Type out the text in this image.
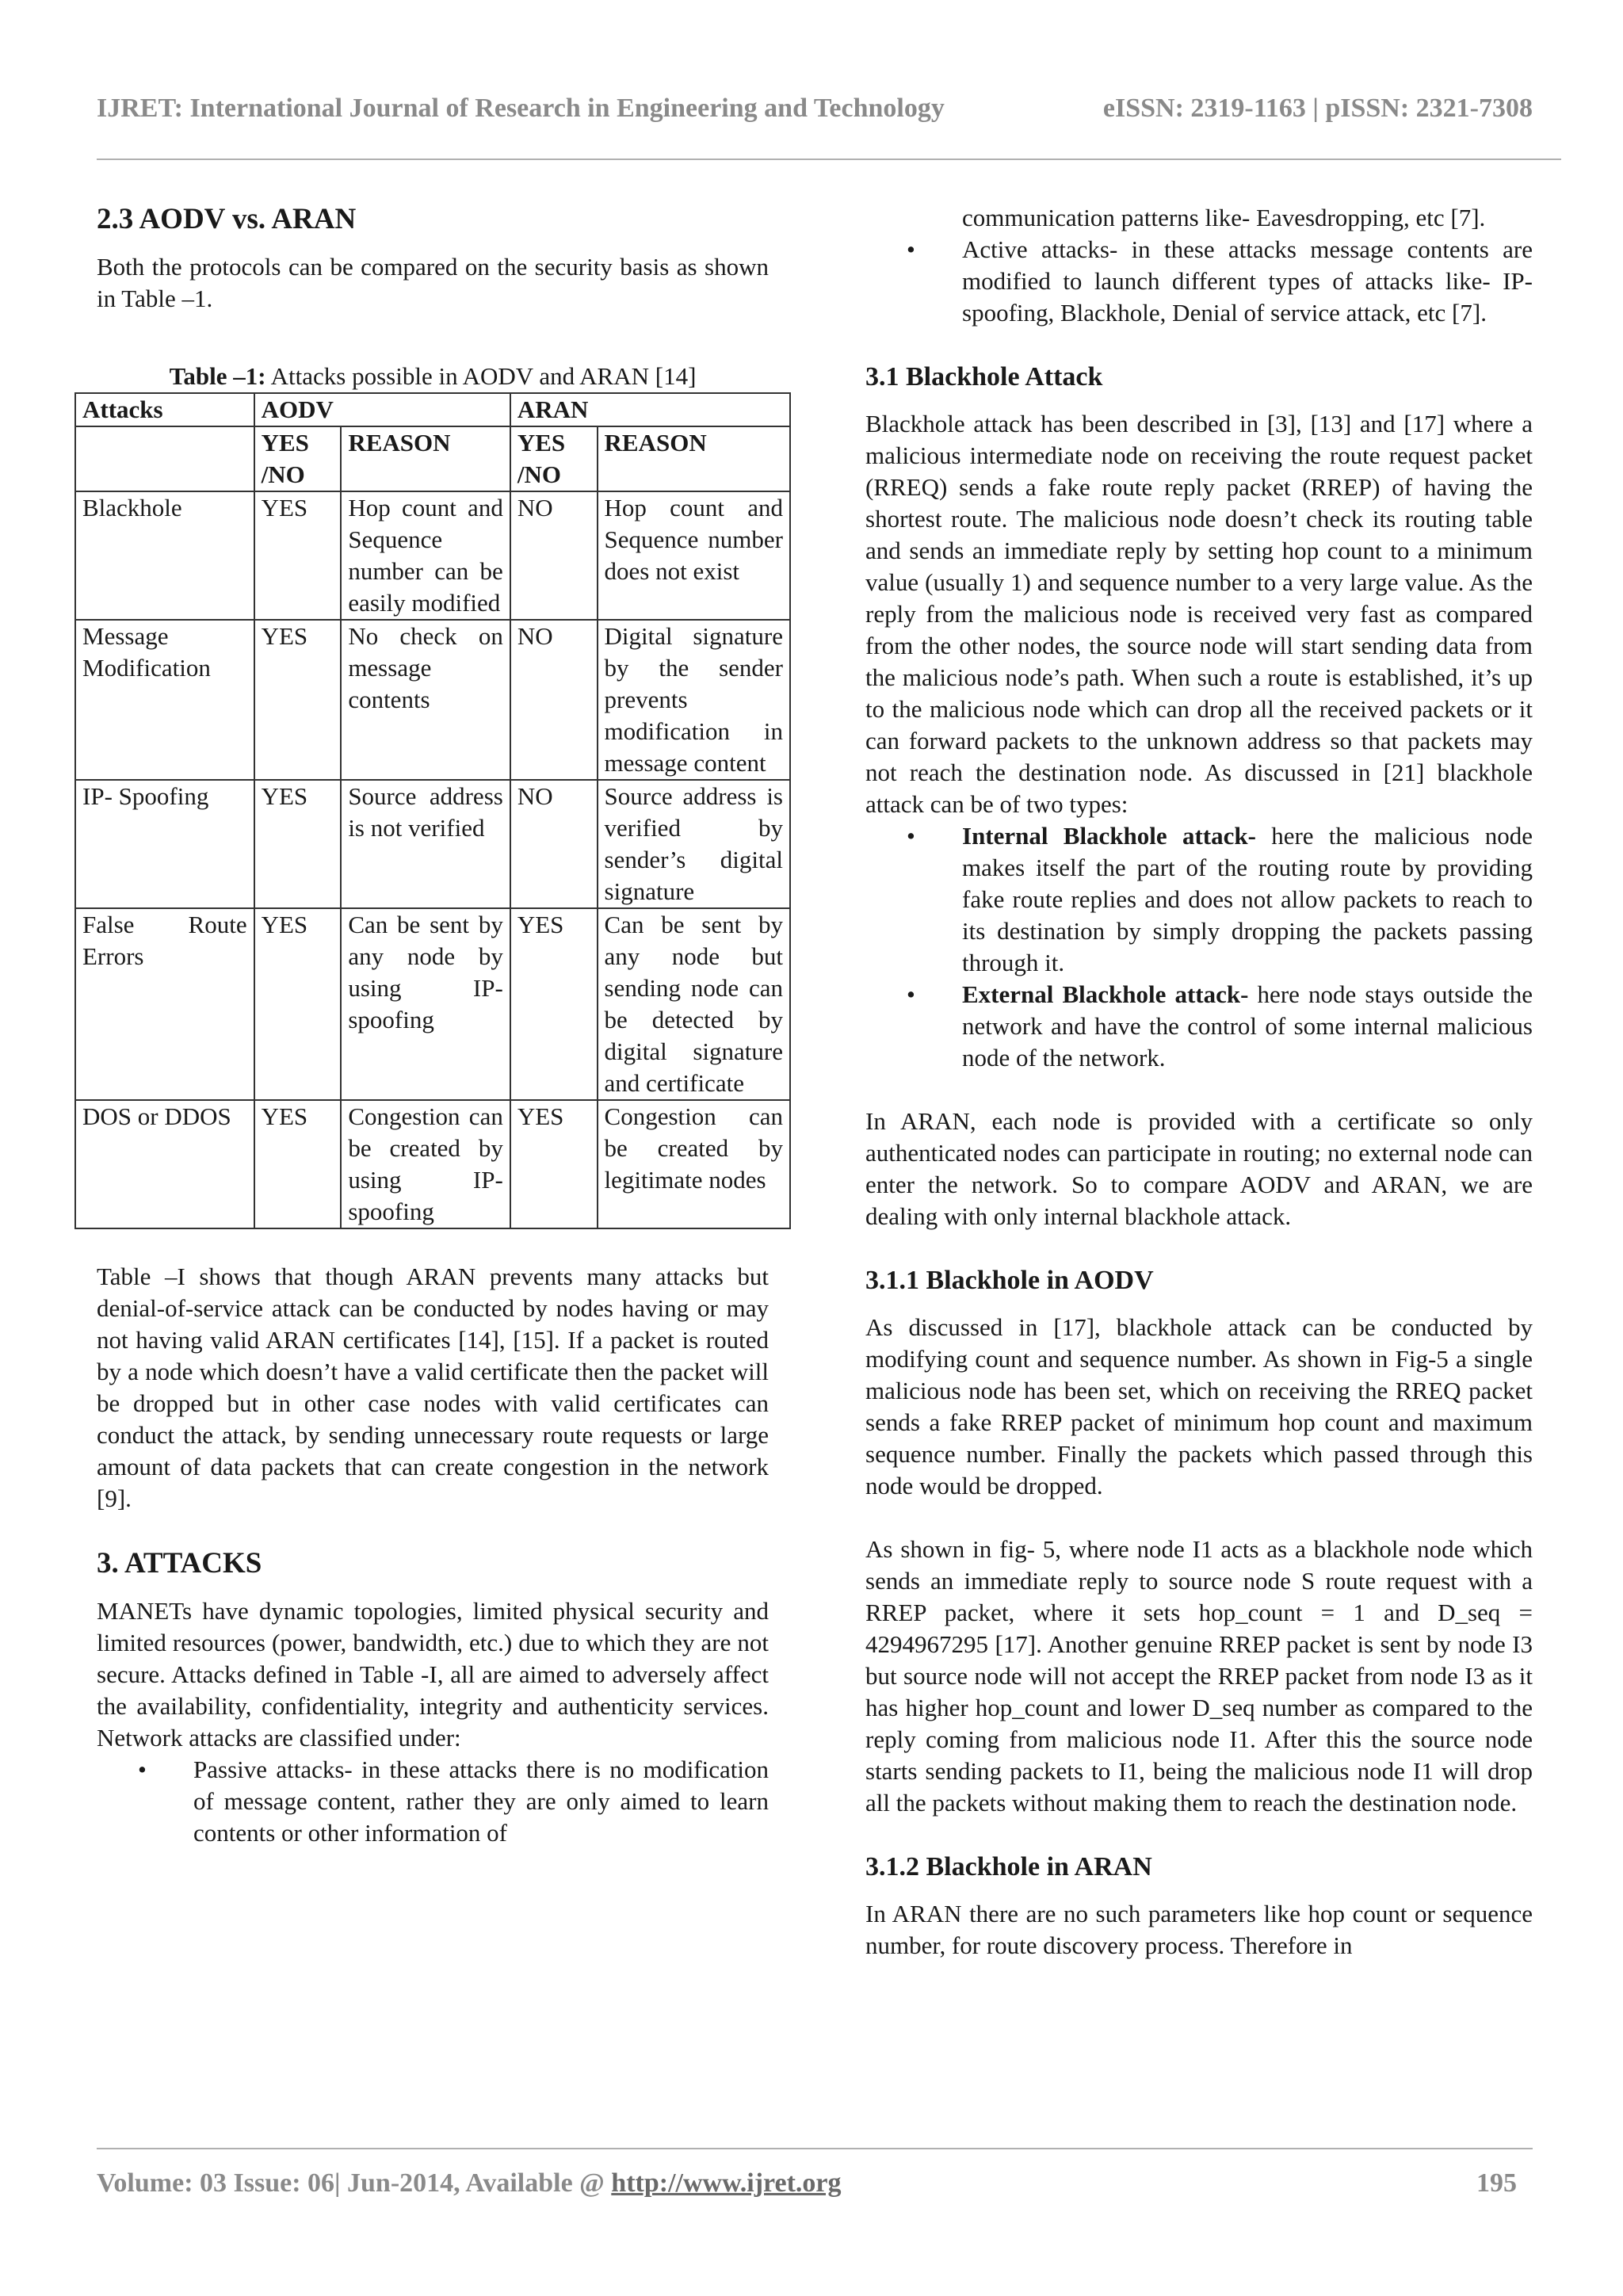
IJRET: International Journal of Research in Engineering and Technology	eISSN: 2319-1163 | pISSN: 2321-7308
2.3 AODV vs. ARAN

Both the protocols can be compared on the security basis as shown in Table –1.

Table –1: Attacks possible in AODV and ARAN [14]
Attacks	AODV		ARAN	
	YES /NO	REASON	YES /NO	REASON
Blackhole	YES	Hop count and Sequence number can be easily modified	NO	Hop count and Sequence number does not exist
Message Modification	YES	No check on message contents	NO	Digital signature by the sender prevents modification in message content
IP- Spoofing	YES	Source address is not verified	NO	Source address is verified by sender’s digital signature
False Route Errors	YES	Can be sent by any node by using IP-spoofing	YES	Can be sent by any node but sending node can be detected by digital signature and certificate
DOS or DDOS	YES	Congestion can be created by using IP-spoofing	YES	Congestion can be created by legitimate nodes

Table –I shows that though ARAN prevents many attacks but denial-of-service attack can be conducted by nodes having or may not having valid ARAN certificates [14], [15]. If a packet is routed by a node which doesn’t have a valid certificate then the packet will be dropped but in other case nodes with valid certificates can conduct the attack, by sending unnecessary route requests or large amount of data packets that can create congestion in the network [9].

3. ATTACKS

MANETs have dynamic topologies, limited physical security and limited resources (power, bandwidth, etc.) due to which they are not secure. Attacks defined in Table -I, all are aimed to adversely affect the availability, confidentiality, integrity and authenticity services. Network attacks are classified under:

• Passive attacks- in these attacks there is no modification of message content, rather they are only aimed to learn contents or other information of
communication patterns like- Eavesdropping, etc [7].
• Active attacks- in these attacks message contents are modified to launch different types of attacks like- IP-spoofing, Blackhole, Denial of service attack, etc [7].
3.1 Blackhole Attack

Blackhole attack has been described in [3], [13] and [17] where a malicious intermediate node on receiving the route request packet (RREQ) sends a fake route reply packet (RREP) of having the shortest route. The malicious node doesn’t check its routing table and sends an immediate reply by setting hop count to a minimum value (usually 1) and sequence number to a very large value. As the reply from the malicious node is received very fast as compared from the other nodes, the source node will start sending data from the malicious node’s path. When such a route is established, it’s up to the malicious node which can drop all the received packets or it can forward packets to the unknown address so that packets may not reach the destination node. As discussed in [21] blackhole attack can be of two types:

• Internal Blackhole attack- here the malicious node makes itself the part of the routing route by providing fake route replies and does not allow packets to reach to its destination by simply dropping the packets passing through it.
• External Blackhole attack- here node stays outside the network and have the control of some internal malicious node of the network.

In ARAN, each node is provided with a certificate so only authenticated nodes can participate in routing; no external node can enter the network. So to compare AODV and ARAN, we are dealing with only internal blackhole attack.

3.1.1 Blackhole in AODV

As discussed in [17], blackhole attack can be conducted by modifying count and sequence number. As shown in Fig-5 a single malicious node has been set, which on receiving the RREQ packet sends a fake RREP packet of minimum hop count and maximum sequence number. Finally the packets which passed through this node would be dropped.

As shown in fig- 5, where node I1 acts as a blackhole node which sends an immediate reply to source node S route request with a RREP packet, where it sets hop_count = 1 and D_seq = 4294967295 [17]. Another genuine RREP packet is sent by node I3 but source node will not accept the RREP packet from node I3 as it has higher hop_count and lower D_seq number as compared to the reply coming from malicious node I1. After this the source node starts sending packets to I1, being the malicious node I1 will drop all the packets without making them to reach the destination node.

3.1.2 Blackhole in ARAN

In ARAN there are no such parameters like hop count or sequence number, for route discovery process. Therefore in

Volume: 03 Issue: 06| Jun-2014, Available @ http://www.ijret.org	195
